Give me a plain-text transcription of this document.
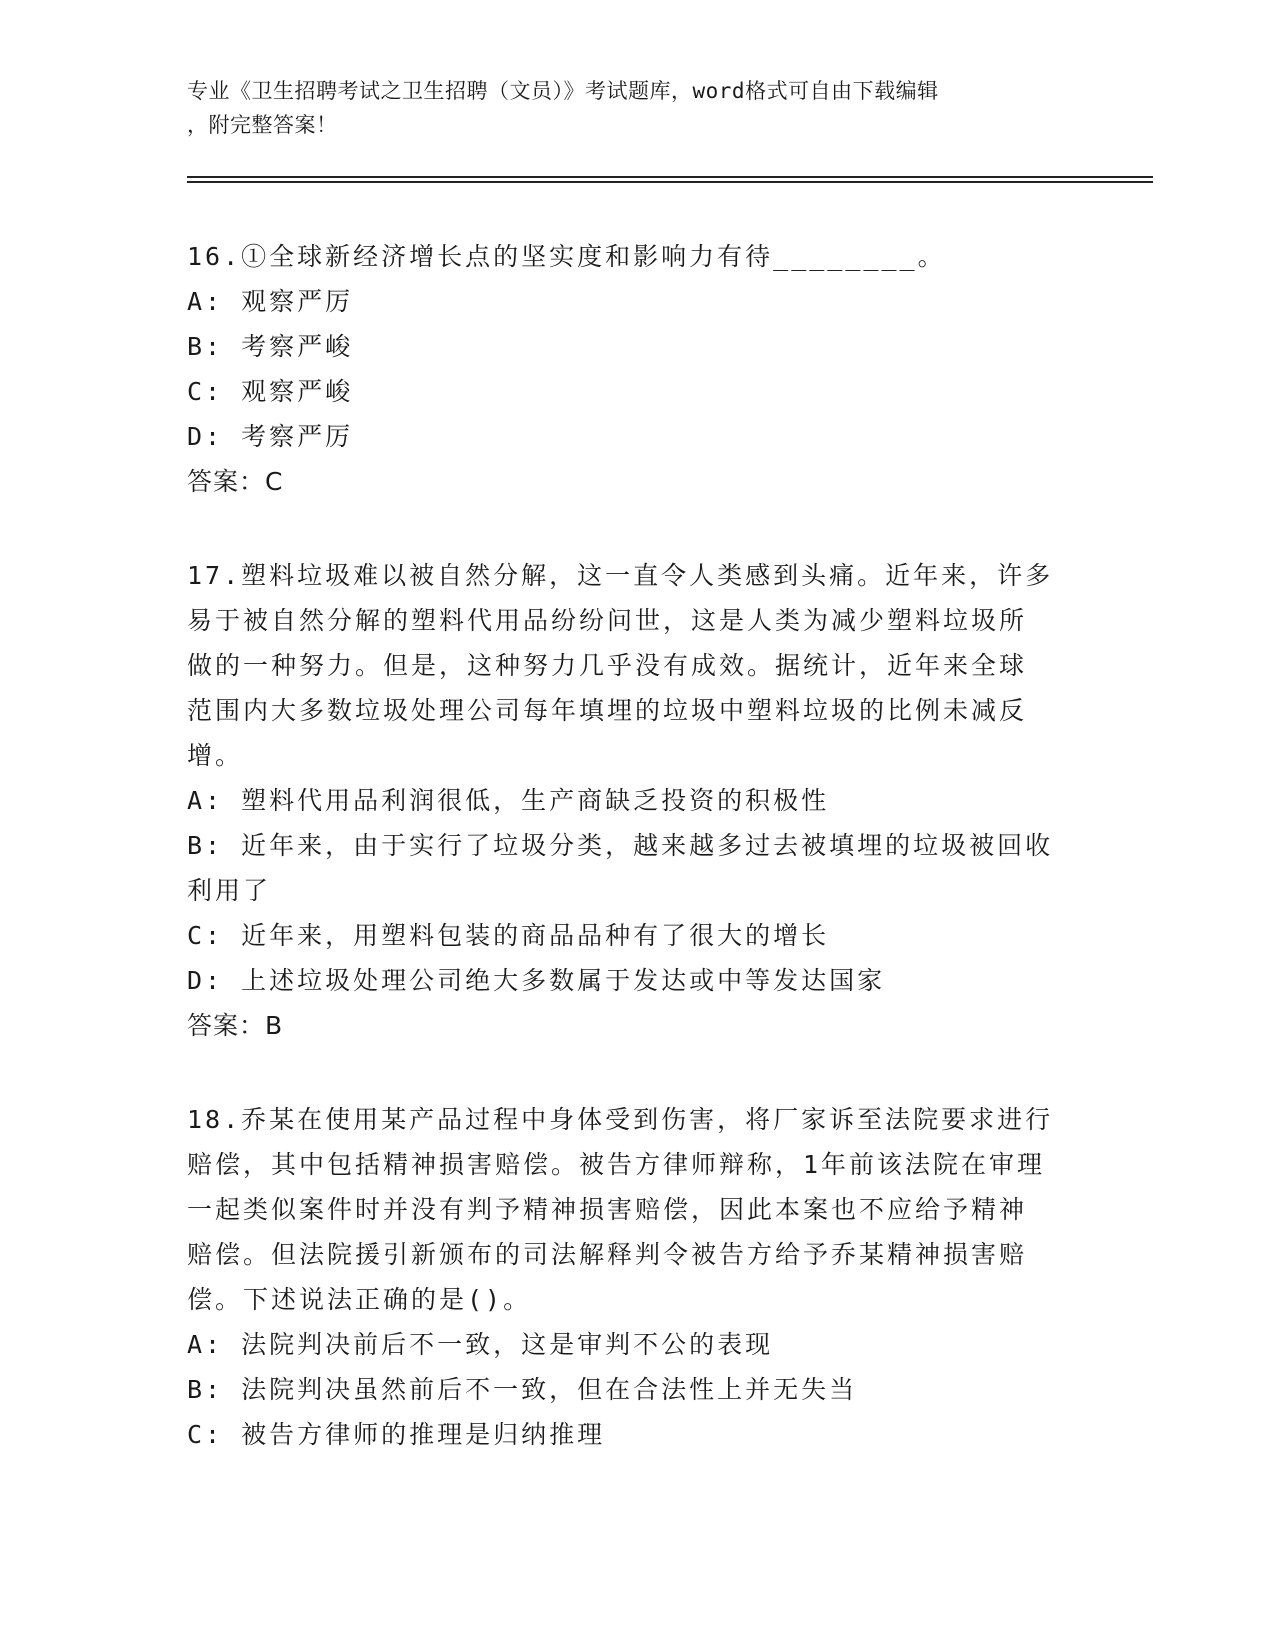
专业《卫生招聘考试之卫生招聘（文员）》考试题库，word格式可自由下载编辑
，附完整答案！
16.①全球新经济增长点的坚实度和影响力有待________。
A: 观察严厉
B: 考察严峻
C: 观察严峻
D: 考察严厉
答案：C
17.塑料垃圾难以被自然分解，这一直令人类感到头痛。近年来，许多
易于被自然分解的塑料代用品纷纷问世，这是人类为减少塑料垃圾所
做的一种努力。但是，这种努力几乎没有成效。据统计，近年来全球
范围内大多数垃圾处理公司每年填埋的垃圾中塑料垃圾的比例未减反
增。
A: 塑料代用品利润很低，生产商缺乏投资的积极性
B: 近年来，由于实行了垃圾分类，越来越多过去被填埋的垃圾被回收
利用了
C: 近年来，用塑料包装的商品品种有了很大的增长
D: 上述垃圾处理公司绝大多数属于发达或中等发达国家
答案：B
18.乔某在使用某产品过程中身体受到伤害，将厂家诉至法院要求进行
赔偿，其中包括精神损害赔偿。被告方律师辩称，1年前该法院在审理
一起类似案件时并没有判予精神损害赔偿，因此本案也不应给予精神
赔偿。但法院援引新颁布的司法解释判令被告方给予乔某精神损害赔
偿。下述说法正确的是()。
A: 法院判决前后不一致，这是审判不公的表现
B: 法院判决虽然前后不一致，但在合法性上并无失当
C: 被告方律师的推理是归纳推理
